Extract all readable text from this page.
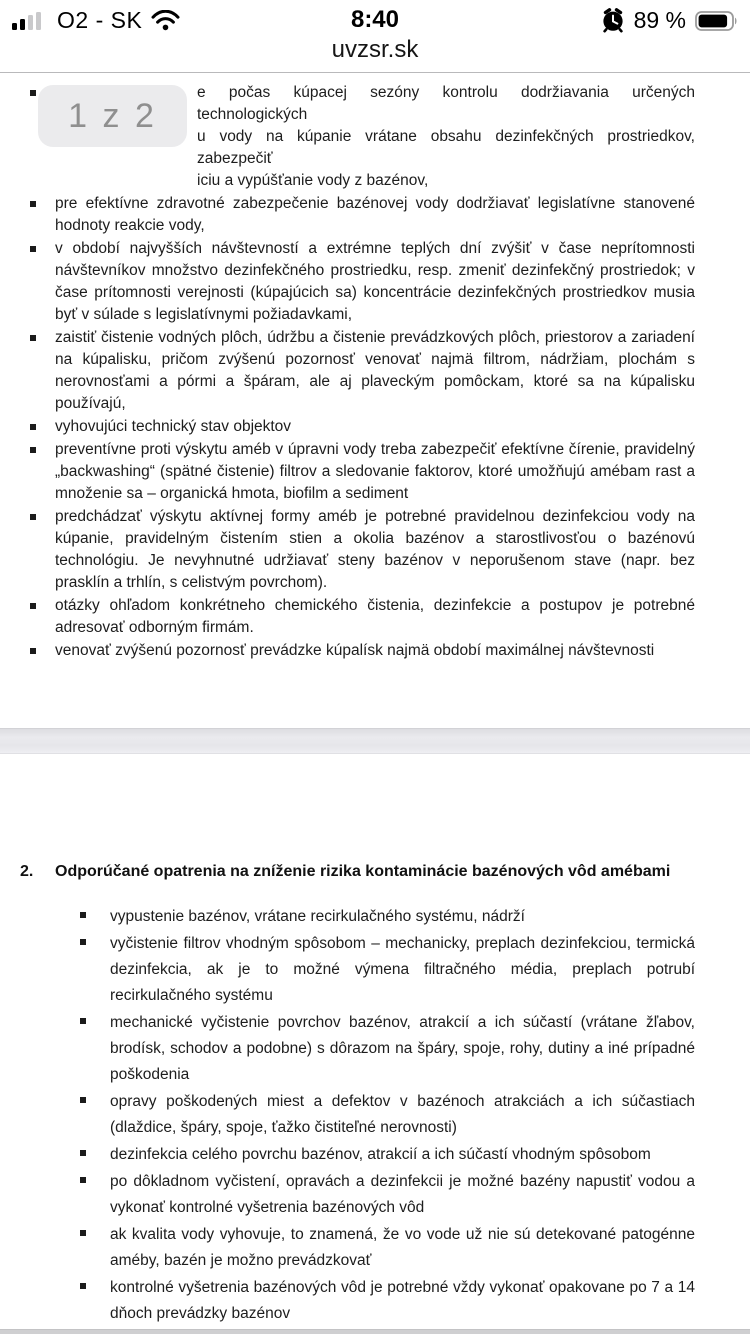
O2 - SK	8:40	89 %
uvzsr.sk
1 z 2
e počas kúpacej sezóny kontrolu dodržiavania určených technologických
u vody na kúpanie vrátane obsahu dezinfekčných prostriedkov, zabezpečiť
iciu a vypúšťanie vody z bazénov,
pre efektívne zdravotné zabezpečenie bazénovej vody dodržiavať legislatívne stanovené hodnoty reakcie vody,
v období najvyšších návštevností a extrémne teplých dní zvýšiť v čase neprítomnosti návštevníkov množstvo dezinfekčného prostriedku, resp. zmeniť dezinfekčný prostriedok; v čase prítomnosti verejnosti (kúpajúcich sa) koncentrácie dezinfekčných prostriedkov musia byť v súlade s legislatívnymi požiadavkami,
zaistiť čistenie vodných plôch, údržbu a čistenie prevádzkových plôch, priestorov a zariadení na kúpalisku, pričom zvýšenú pozornosť venovať najmä filtrom, nádržiam, plochám s nerovnosťami a pórmi a špáram, ale aj plaveckým pomôckam, ktoré sa na kúpalisku používajú,
vyhovujúci technický stav objektov
preventívne proti výskytu améb v úpravni vody treba zabezpečiť efektívne čírenie, pravidelný „backwashing“ (spätné čistenie) filtrov a sledovanie faktorov, ktoré umožňujú amébam rast a množenie sa – organická hmota, biofilm a sediment
predchádzať výskytu aktívnej formy améb je potrebné pravidelnou dezinfekciou vody na kúpanie, pravidelným čistením stien a okolia bazénov a starostlivosťou o bazénovú technológiu. Je nevyhnutné udržiavať steny bazénov v neporušenom stave (napr. bez prasklín a trhlín, s celistvým povrchom).
otázky ohľadom konkrétneho chemického čistenia, dezinfekcie a postupov je potrebné adresovať odborným firmám.
venovať zvýšenú pozornosť prevádzke kúpalísk najmä období maximálnej návštevnosti
2.	Odporúčané opatrenia na zníženie rizika kontaminácie bazénových vôd amébami
vypustenie bazénov, vrátane recirkulačného systému, nádrží
vyčistenie filtrov vhodným spôsobom – mechanicky, preplach dezinfekciou, termická dezinfekcia, ak je to možné výmena filtračného média, preplach potrubí recirkulačného systému
mechanické vyčistenie povrchov bazénov, atrakcií a ich súčastí (vrátane žľabov, brodísk, schodov a podobne) s dôrazom na špáry, spoje, rohy, dutiny a iné prípadné poškodenia
opravy poškodených miest a defektov v bazénoch atrakciách a ich súčastiach (dlaždice, špáry, spoje, ťažko čistiteľné nerovnosti)
dezinfekcia celého povrchu bazénov, atrakcií a ich súčastí vhodným spôsobom
po dôkladnom vyčistení, opravách a dezinfekcii je možné bazény napustiť vodou a vykonať kontrolné vyšetrenia bazénových vôd
ak kvalita vody vyhovuje, to znamená, že vo vode už nie sú detekované patogénne améby, bazén je možno prevádzkovať
kontrolné vyšetrenia bazénových vôd je potrebné vždy vykonať opakovane po 7 a 14 dňoch prevádzky bazénov
